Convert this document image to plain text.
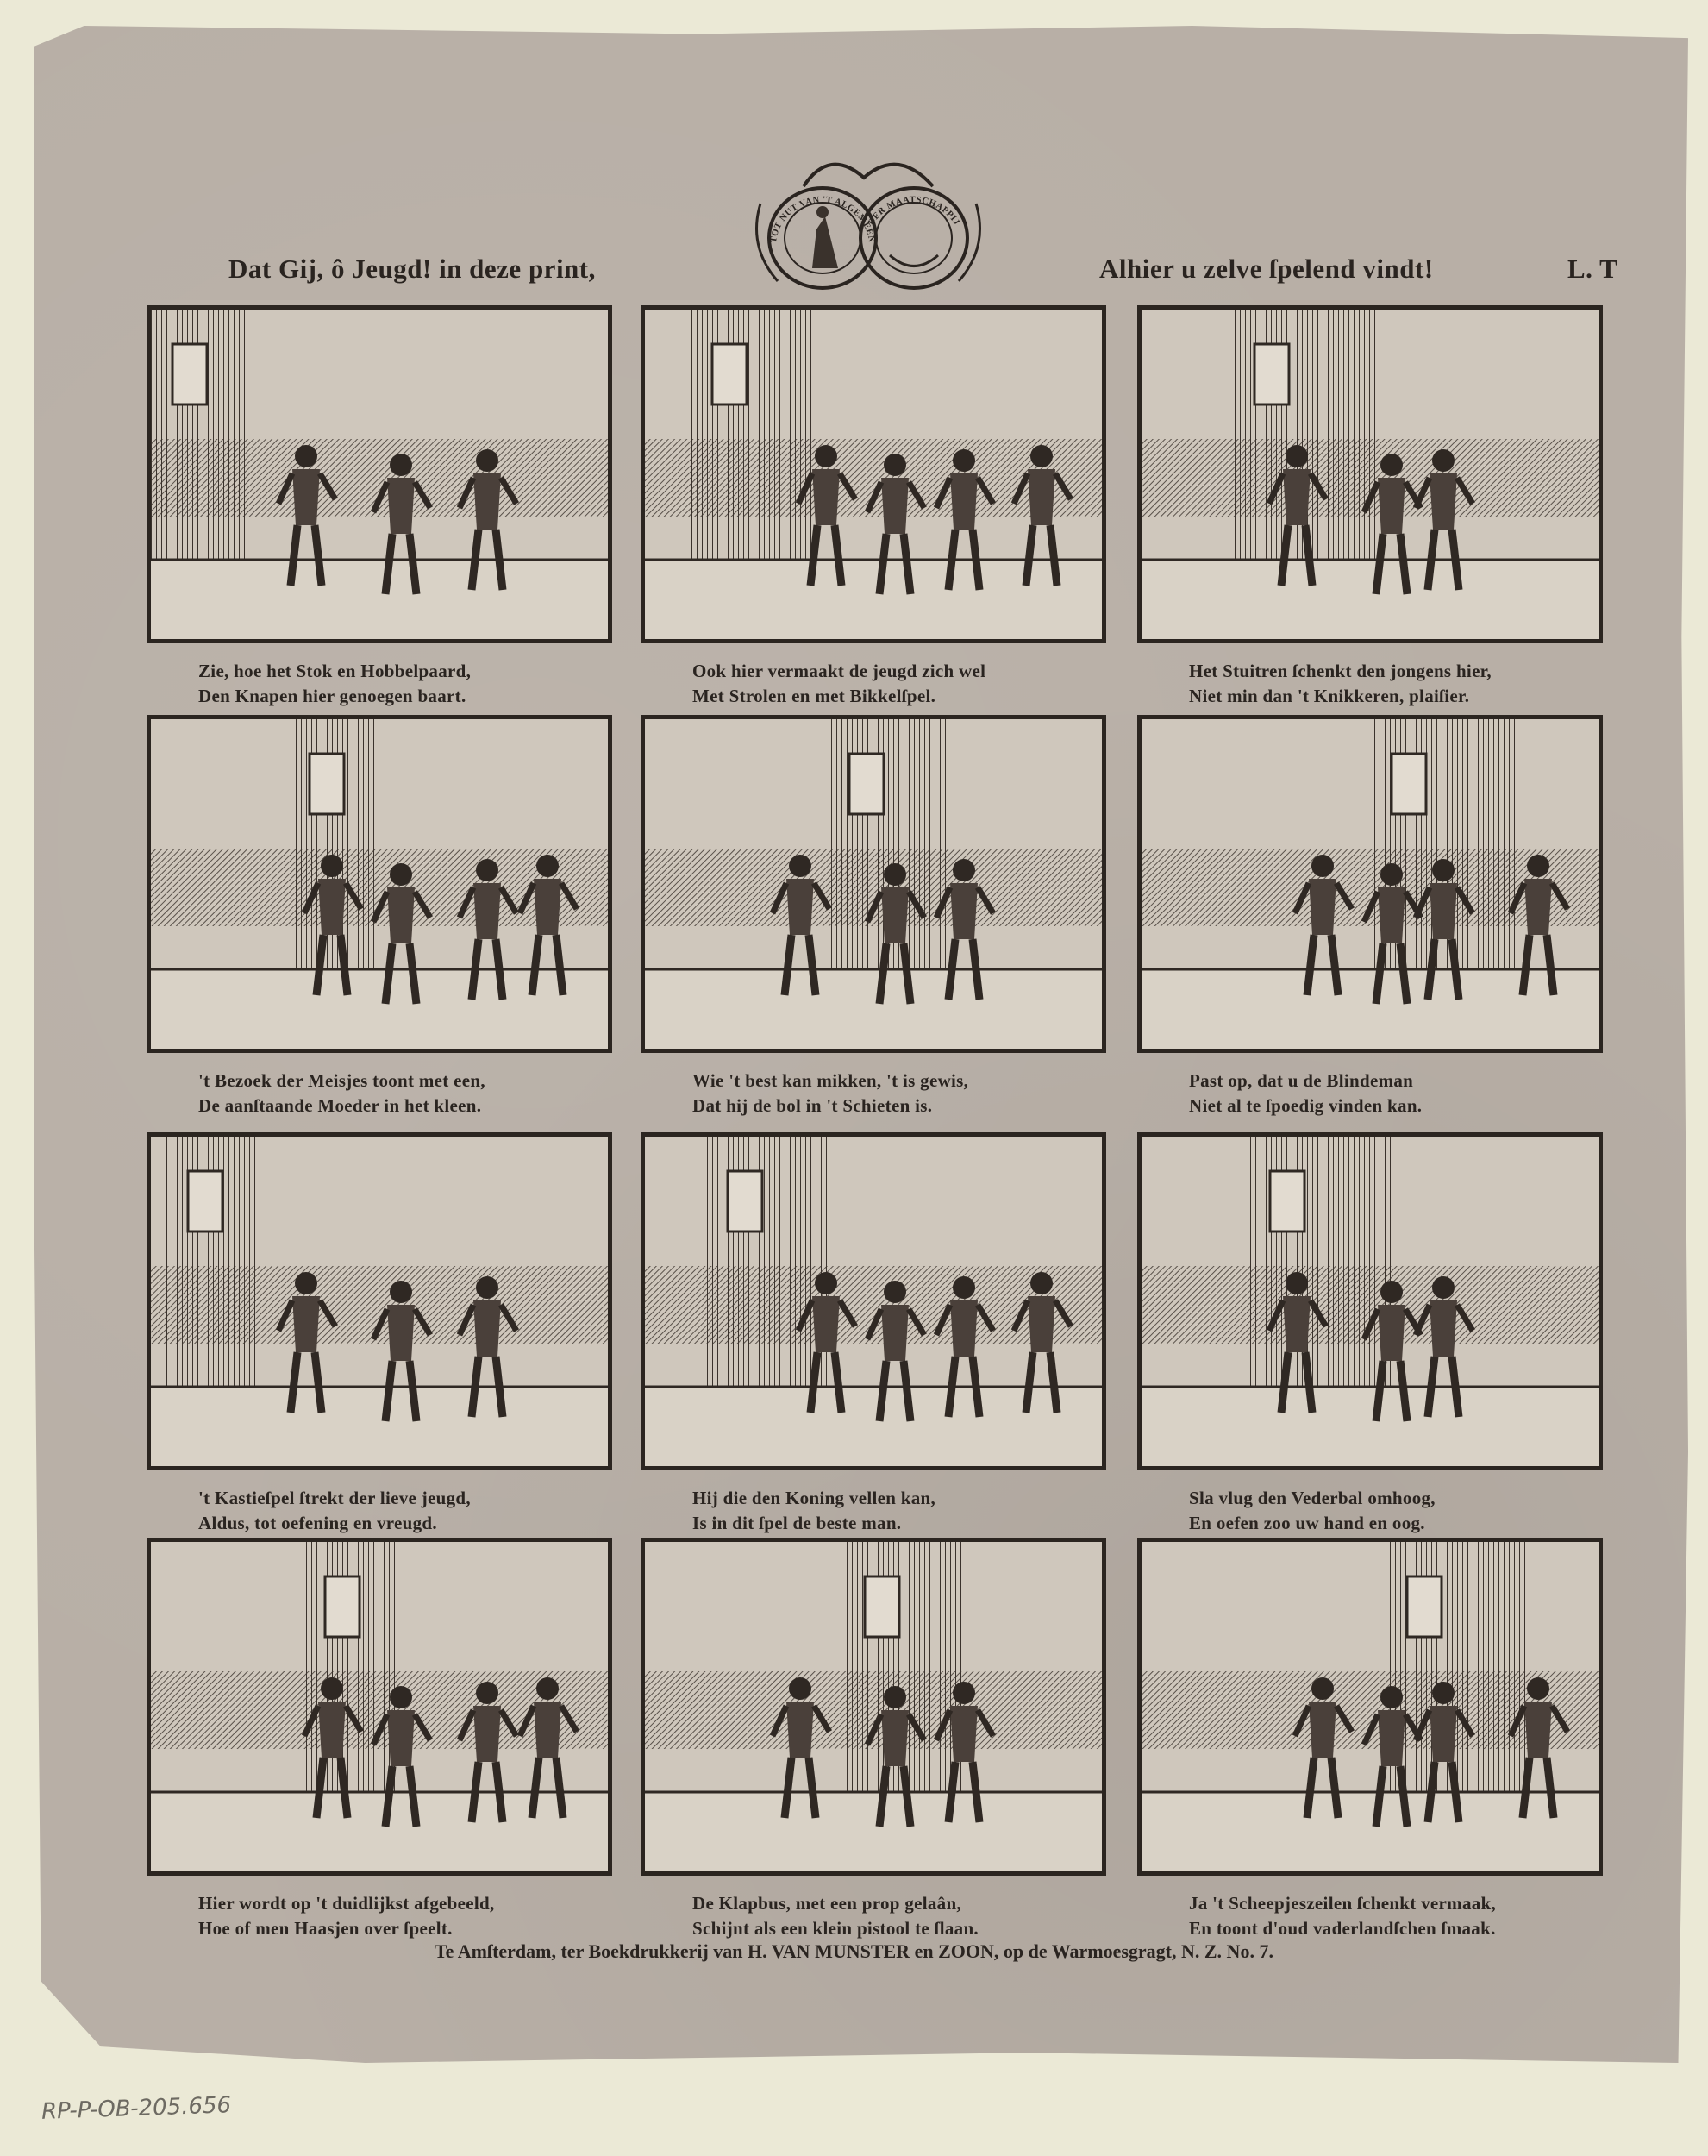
Dat Gij, ô Jeugd! in deze print,	Alhier u zelve ſpelend vindt!	L. T
TOT NUT VAN 'T ALGEMEEN
DER MAATSCHAPPIJ
Zie, hoe het Stok en Hobbelpaard,
Den Knapen hier genoegen baart.
Ook hier vermaakt de jeugd zich wel
Met Strolen en met Bikkelſpel.
Het Stuitren ſchenkt den jongens hier,
Niet min dan 't Knikkeren, plaiſier.
't Bezoek der Meisjes toont met een,
De aanſtaande Moeder in het kleen.
Wie 't best kan mikken, 't is gewis,
Dat hij de bol in 't Schieten is.
Past op, dat u de Blindeman
Niet al te ſpoedig vinden kan.
't Kastieſpel ſtrekt der lieve jeugd,
Aldus, tot oefening en vreugd.
Hij die den Koning vellen kan,
Is in dit ſpel de beste man.
Sla vlug den Vederbal omhoog,
En oefen zoo uw hand en oog.
Hier wordt op 't duidlijkst afgebeeld,
Hoe of men Haasjen over ſpeelt.
De Klapbus, met een prop gelaân,
Schijnt als een klein pistool te ſlaan.
Ja 't Scheepjeszeilen ſchenkt vermaak,
En toont d'oud vaderlandſchen ſmaak.
Te Amſterdam, ter Boekdrukkerij van H. VAN MUNSTER en ZOON, op de Warmoesgragt, N. Z. No. 7.
RP-P-OB-205.656
